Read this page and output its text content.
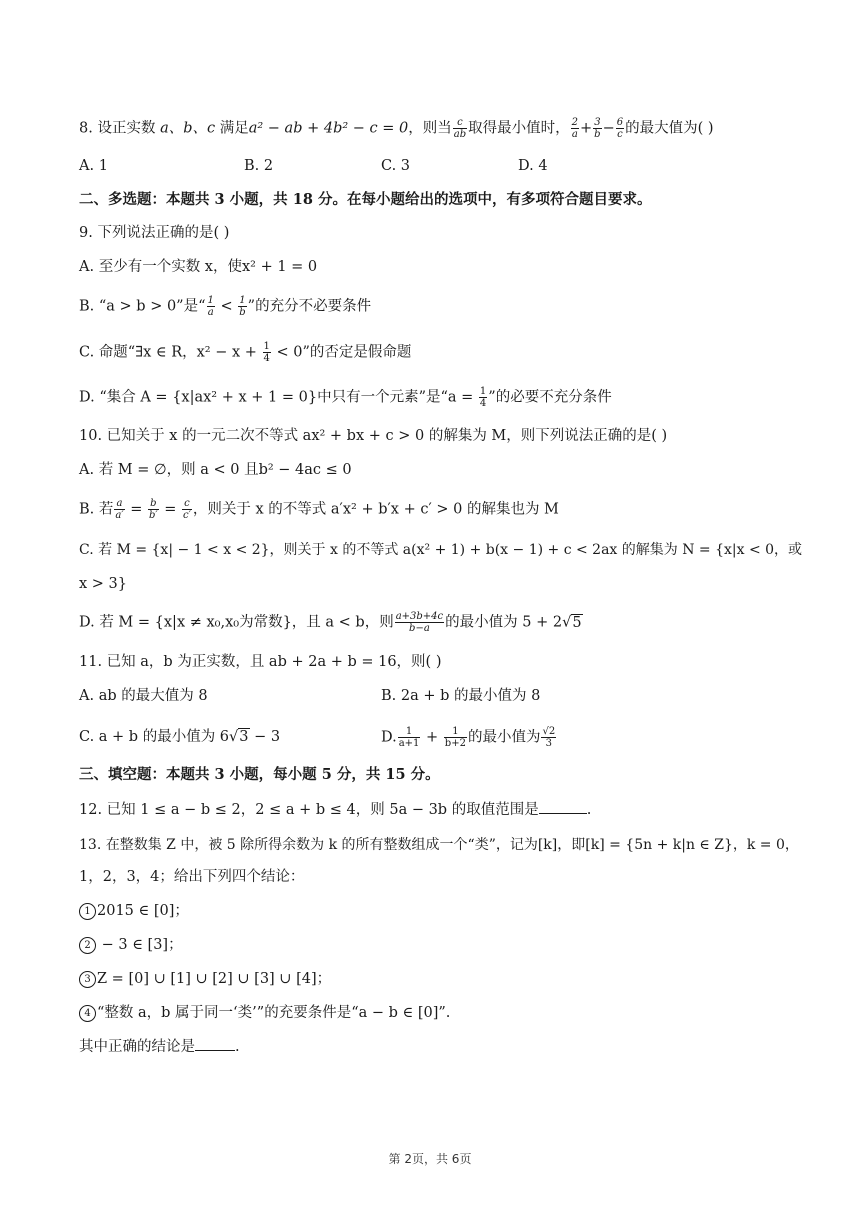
8. 设正实数 a、b、c 满足a² − ab + 4b² − c = 0，则当 $\frac{c}{ab}$ 取得最小值时， $\frac{2}{a} + \frac{3}{b} - \frac{6}{c}$ 的最大值为( )
A. 1	B. 2	C. 3	D. 4
二、多选题：本题共 3 小题，共 18 分。在每小题给出的选项中，有多项符合题目要求。
9. 下列说法正确的是( )
A. 至少有一个实数 x，使x² + 1 = 0
B. “a > b > 0”是“ $\frac{1}{a} < \frac{1}{b}$ ”的充分不必要条件
C. 命题“∃x ∈ R，$x^2 - x + \frac{1}{4} < 0$”的否定是假命题
D. “集合 A = {x|ax² + x + 1 = 0}中只有一个元素”是“$a = \frac{1}{4}$ ”的必要不充分条件
10. 已知关于 x 的一元二次不等式 ax² + bx + c > 0 的解集为 M，则下列说法正确的是( )
A. 若 M = ∅，则 a < 0 且b² − 4ac ≤ 0
B. 若 $\frac{a}{a'} = \frac{b}{b'} = \frac{c}{c'}$ ，则关于 x 的不等式 a′x² + b′x + c′ > 0 的解集也为 M
C. 若 M = {x| − 1 < x < 2}，则关于 x 的不等式 a(x² + 1) + b(x − 1) + c < 2ax 的解集为 N = {x|x < 0，或
x > 3}
D. 若 M = {x|x ≠ x₀,x₀为常数}，且 a < b，则 $\frac{a+3b+4c}{b-a}$ 的最小值为 5 + 2√5
11. 已知 a，b 为正实数，且 ab + 2a + b = 16，则( )
A. ab 的最大值为 8	B. 2a + b 的最小值为 8
C. a + b 的最小值为 6√3 − 3	D. $\frac{1}{a+1} + \frac{1}{b+2}$ 的最小值为 $\frac{√2}{3}$
三、填空题：本题共 3 小题，每小题 5 分，共 15 分。
12. 已知 1 ≤ a − b ≤ 2，2 ≤ a + b ≤ 4，则 5a − 3b 的取值范围是	.
13. 在整数集 Z 中，被 5 除所得余数为 k 的所有整数组成一个“类”，记为[k]，即[k] = {5n + k|n ∈ Z}，k = 0，
1，2，3，4；给出下列四个结论：
1 2015 ∈ [0]；
2 − 3 ∈ [3]；
3 Z = [0] ∪ [1] ∪ [2] ∪ [3] ∪ [4]；
4 “整数 a，b 属于同一‘类’”的充要条件是“a − b ∈ [0]”.
其中正确的结论是	.
第 2页，共 6页
